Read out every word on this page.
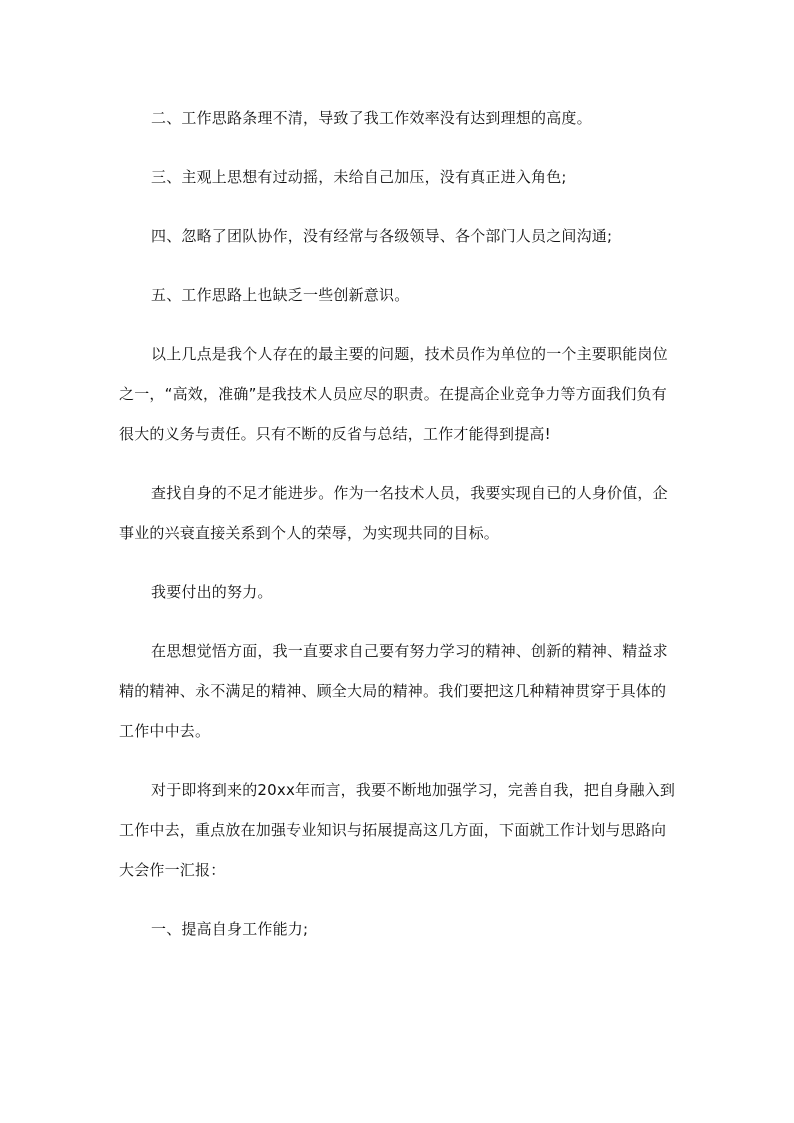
二、工作思路条理不清，导致了我工作效率没有达到理想的高度。

三、主观上思想有过动摇，未给自己加压，没有真正进入角色;

四、忽略了团队协作，没有经常与各级领导、各个部门人员之间沟通;

五、工作思路上也缺乏一些创新意识。

以上几点是我个人存在的最主要的问题，技术员作为单位的一个主要职能岗位之一，“高效，准确”是我技术人员应尽的职责。在提高企业竞争力等方面我们负有很大的义务与责任。只有不断的反省与总结，工作才能得到提高!

查找自身的不足才能进步。作为一名技术人员，我要实现自已的人身价值，企事业的兴衰直接关系到个人的荣辱，为实现共同的目标。

我要付出的努力。

在思想觉悟方面，我一直要求自己要有努力学习的精神、创新的精神、精益求精的精神、永不满足的精神、顾全大局的精神。我们要把这几种精神贯穿于具体的工作中中去。

对于即将到来的20xx年而言，我要不断地加强学习，完善自我，把自身融入到工作中去，重点放在加强专业知识与拓展提高这几方面，下面就工作计划与思路向大会作一汇报：

一、提高自身工作能力;
